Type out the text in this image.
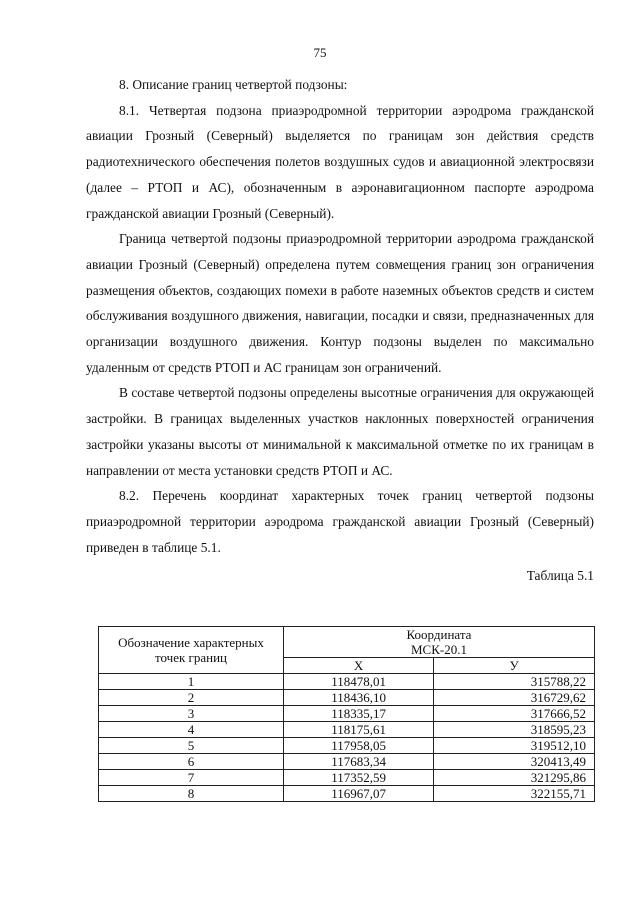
75

8. Описание границ четвертой подзоны:

8.1. Четвертая подзона приаэродромной территории аэродрома гражданской авиации Грозный (Северный) выделяется по границам зон действия средств радиотехнического обеспечения полетов воздушных судов и авиационной электросвязи (далее – РТОП и АС), обозначенным в аэронавигационном паспорте аэродрома гражданской авиации Грозный (Северный).

Граница четвертой подзоны приаэродромной территории аэродрома гражданской авиации Грозный (Северный) определена путем совмещения границ зон ограничения размещения объектов, создающих помехи в работе наземных объектов средств и систем обслуживания воздушного движения, навигации, посадки и связи, предназначенных для организации воздушного движения. Контур подзоны выделен по максимально удаленным от средств РТОП и АС границам зон ограничений.

В составе четвертой подзоны определены высотные ограничения для окружающей застройки. В границах выделенных участков наклонных поверхностей ограничения застройки указаны высоты от минимальной к максимальной отметке по их границам в направлении от места установки средств РТОП и АС.

8.2. Перечень координат характерных точек границ четвертой подзоны приаэродромной территории аэродрома гражданской авиации Грозный (Северный) приведен в таблице 5.1.

Таблица 5.1
Обозначение характерных точек границ	Координата
МСК-20.1	

	X	У
1	118478,01	315788,22
2	118436,10	316729,62
3	118335,17	317666,52
4	118175,61	318595,23
5	117958,05	319512,10
6	117683,34	320413,49
7	117352,59	321295,86
8	116967,07	322155,71
